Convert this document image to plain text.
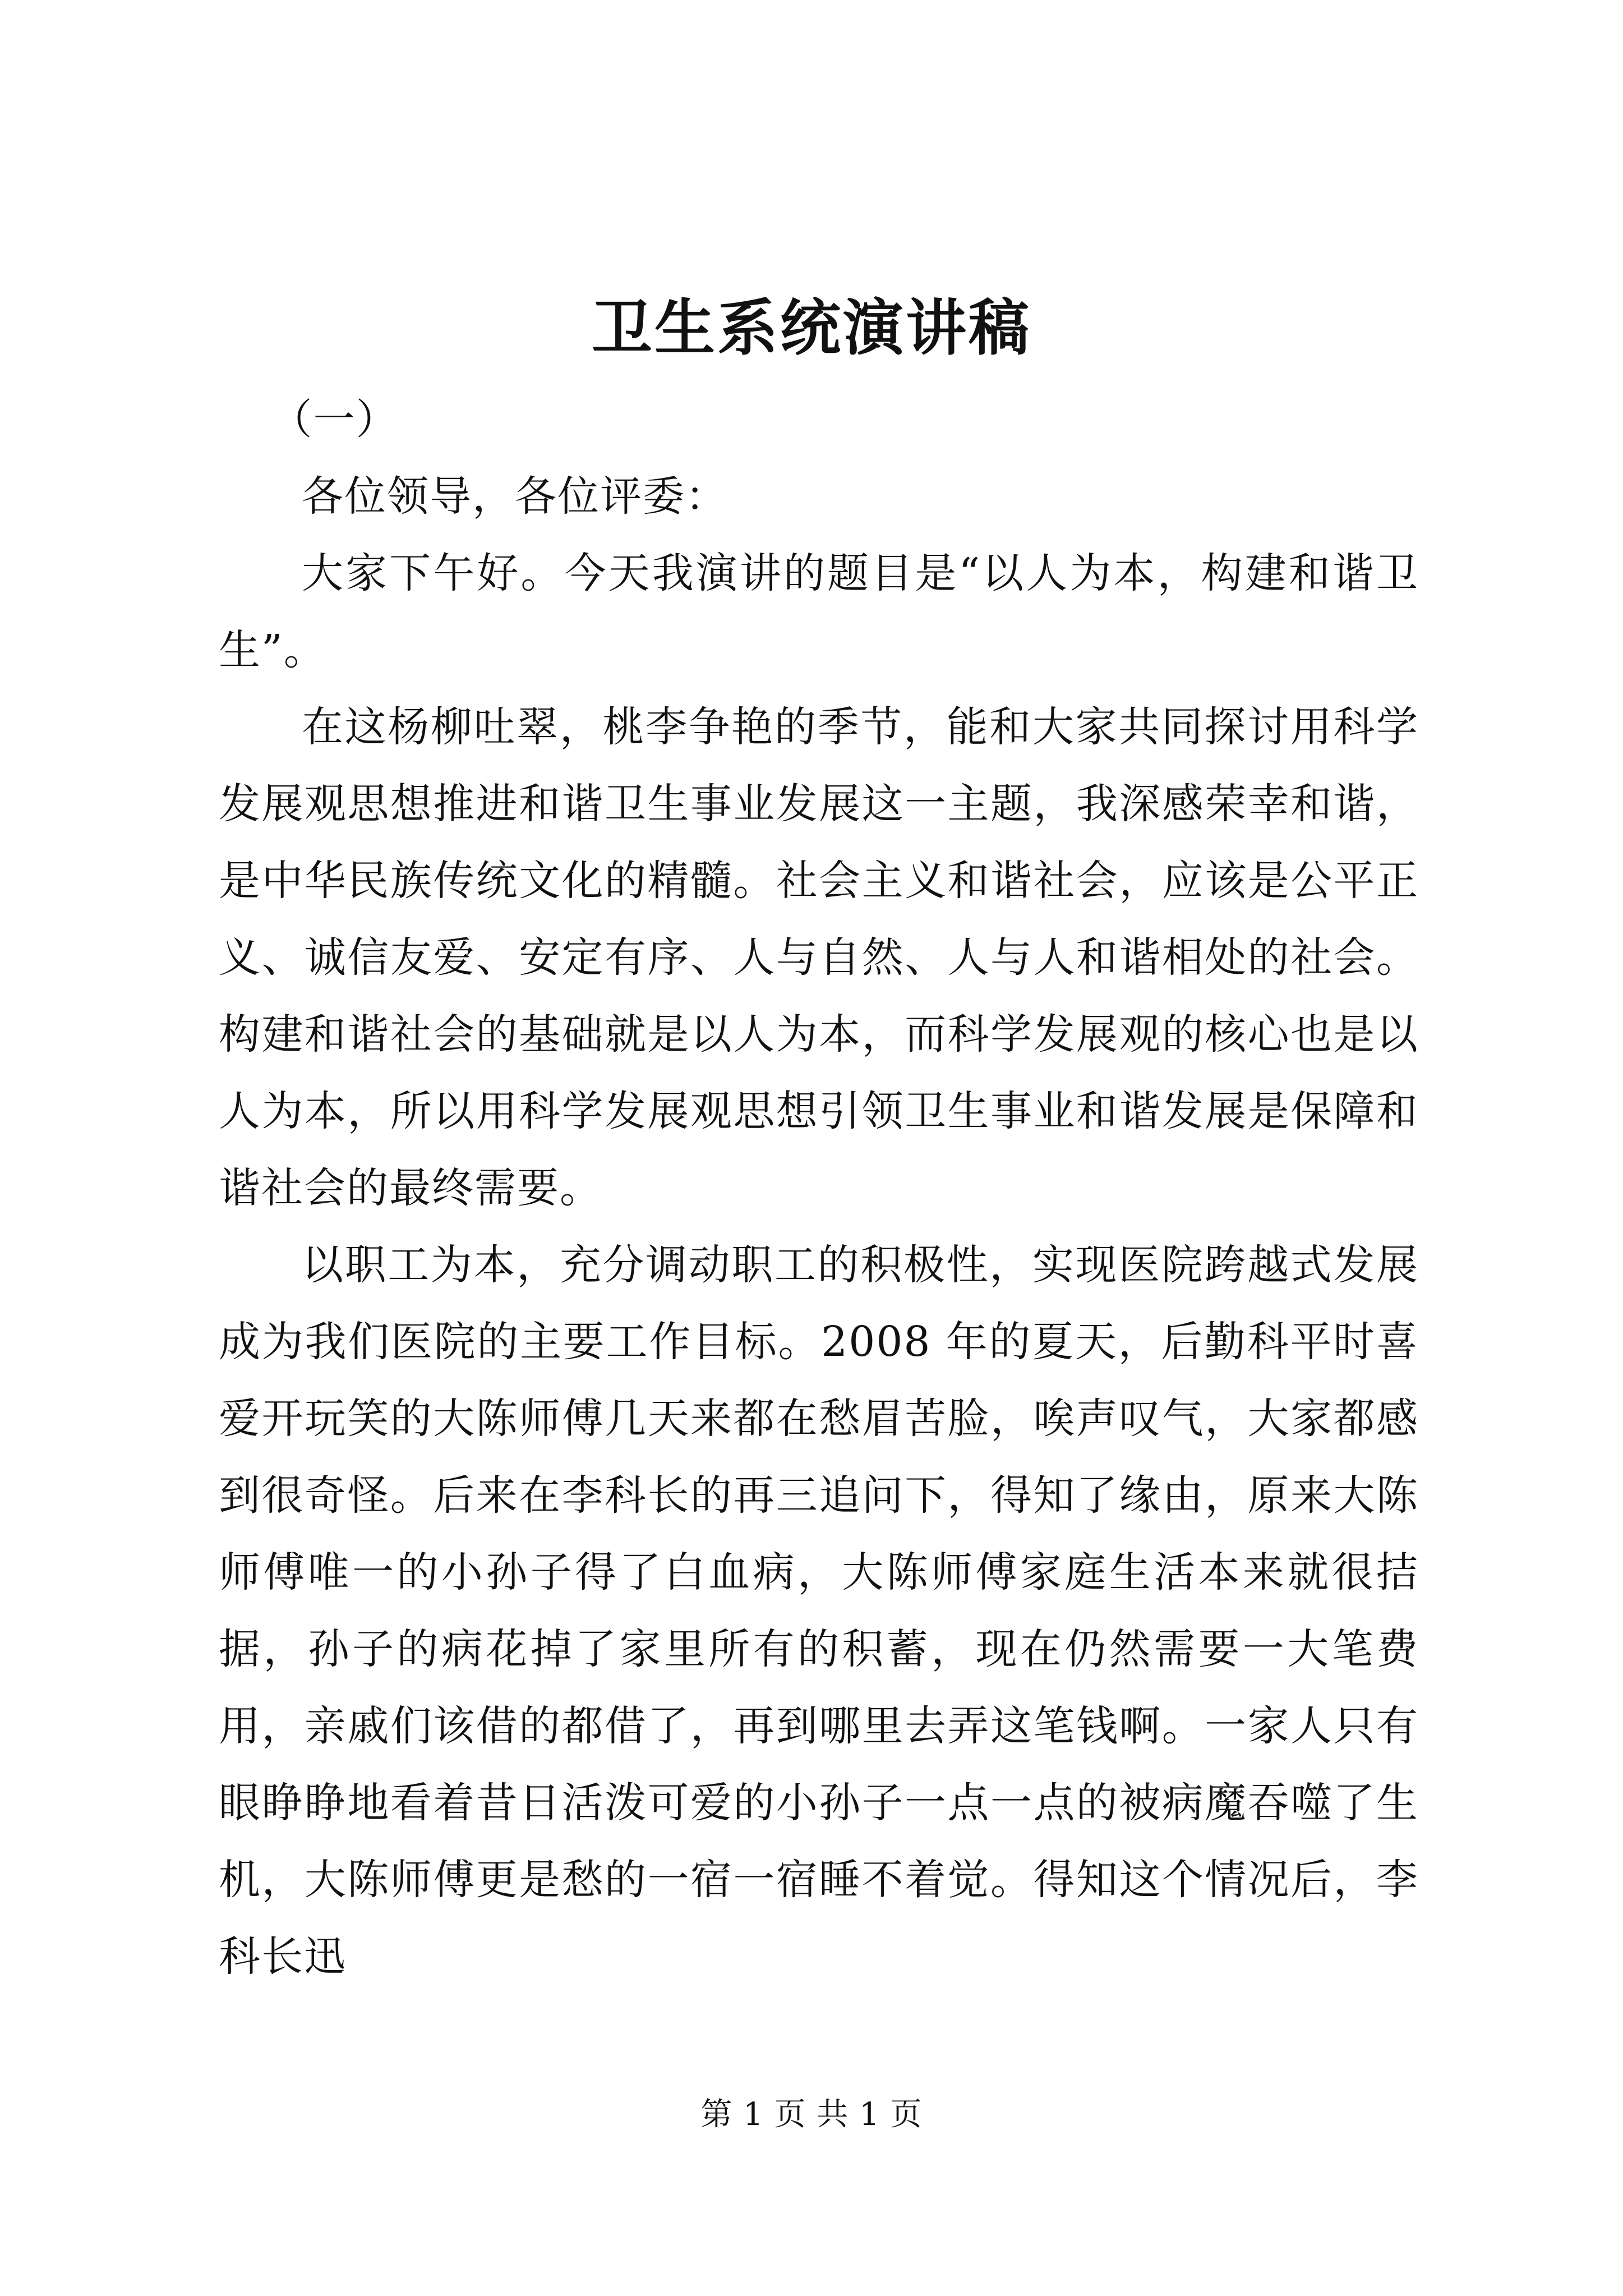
卫生系统演讲稿

（一）

各位领导，各位评委：

大家下午好。今天我演讲的题目是“以人为本，构建和谐卫生”。

在这杨柳吐翠，桃李争艳的季节，能和大家共同探讨用科学发展观思想推进和谐卫生事业发展这一主题，我深感荣幸和谐，是中华民族传统文化的精髓。社会主义和谐社会，应该是公平正义、诚信友爱、安定有序、人与自然、人与人和谐相处的社会。构建和谐社会的基础就是以人为本，而科学发展观的核心也是以人为本，所以用科学发展观思想引领卫生事业和谐发展是保障和谐社会的最终需要。

以职工为本，充分调动职工的积极性，实现医院跨越式发展成为我们医院的主要工作目标。2008 年的夏天，后勤科平时喜爱开玩笑的大陈师傅几天来都在愁眉苦脸，唉声叹气，大家都感到很奇怪。后来在李科长的再三追问下，得知了缘由，原来大陈师傅唯一的小孙子得了白血病，大陈师傅家庭生活本来就很拮据，孙子的病花掉了家里所有的积蓄，现在仍然需要一大笔费用，亲戚们该借的都借了，再到哪里去弄这笔钱啊。一家人只有眼睁睁地看着昔日活泼可爱的小孙子一点一点的被病魔吞噬了生机，大陈师傅更是愁的一宿一宿睡不着觉。得知这个情况后，李科长迅

第 1 页 共 1 页
